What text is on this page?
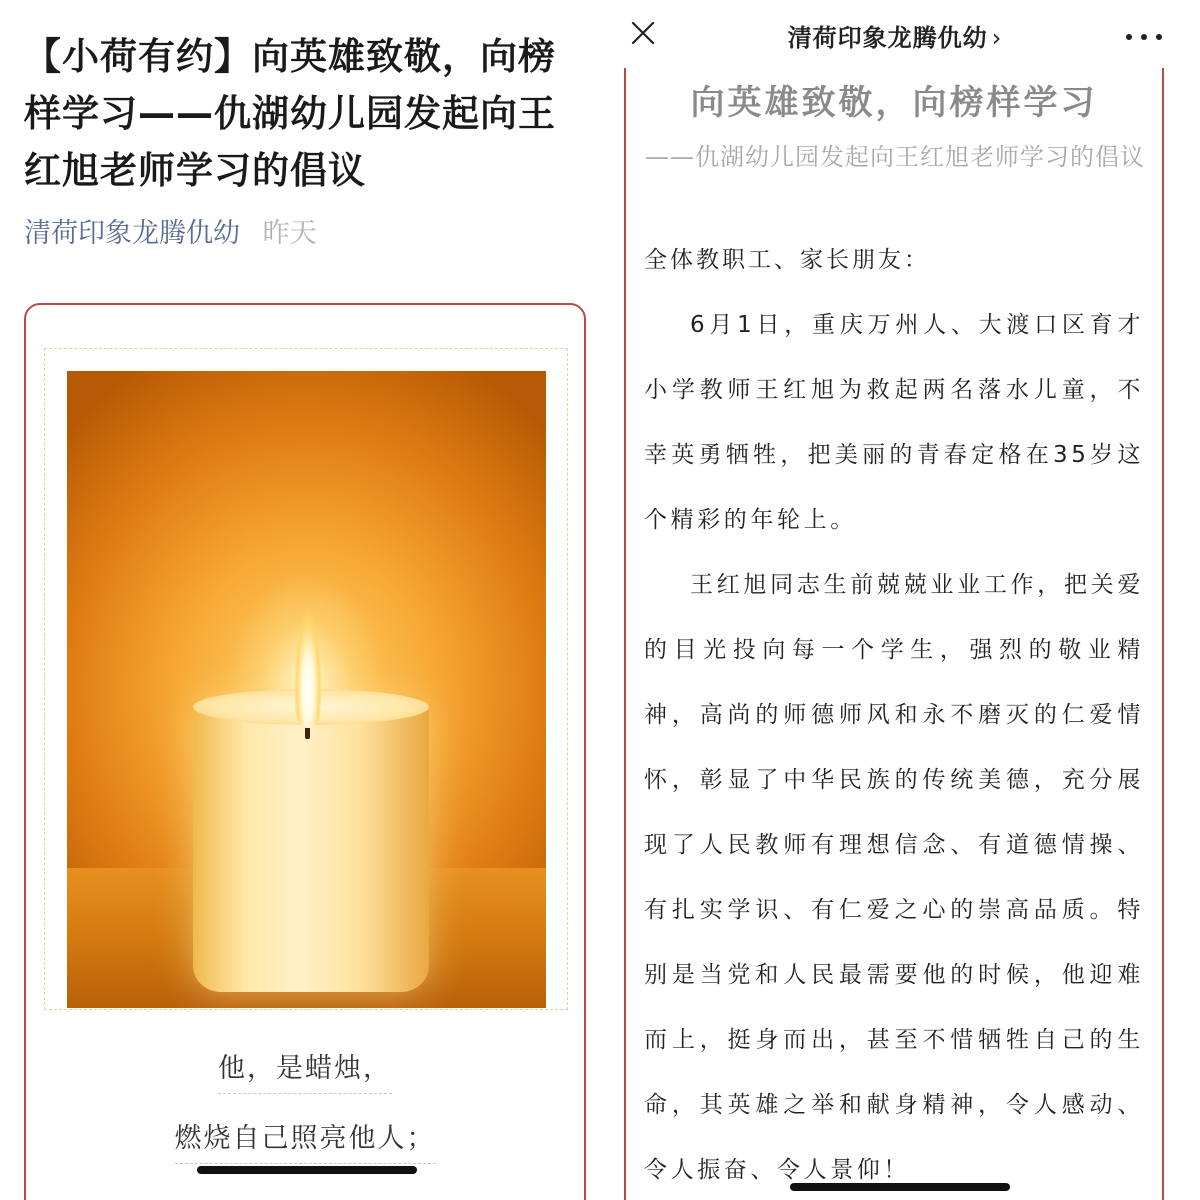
【小荷有约】向英雄致敬，向榜样学习——仇湖幼儿园发起向王红旭老师学习的倡议
清荷印象龙腾仇幼 昨天
他，是蜡烛，
燃烧自己照亮他人；
清荷印象龙腾仇幼 ›
向英雄致敬，向榜样学习
——仇湖幼儿园发起向王红旭老师学习的倡议
全体教职工、家长朋友：

6月1日，重庆万州人、大渡口区育才小学教师王红旭为救起两名落水儿童，不幸英勇牺牲，把美丽的青春定格在35岁这个精彩的年轮上。

王红旭同志生前兢兢业业工作，把关爱的目光投向每一个学生，强烈的敬业精神，高尚的师德师风和永不磨灭的仁爱情怀，彰显了中华民族的传统美德，充分展现了人民教师有理想信念、有道德情操、有扎实学识、有仁爱之心的崇高品质。特别是当党和人民最需要他的时候，他迎难而上，挺身而出，甚至不惜牺牲自己的生命，其英雄之举和献身精神，令人感动、令人振奋、令人景仰！
